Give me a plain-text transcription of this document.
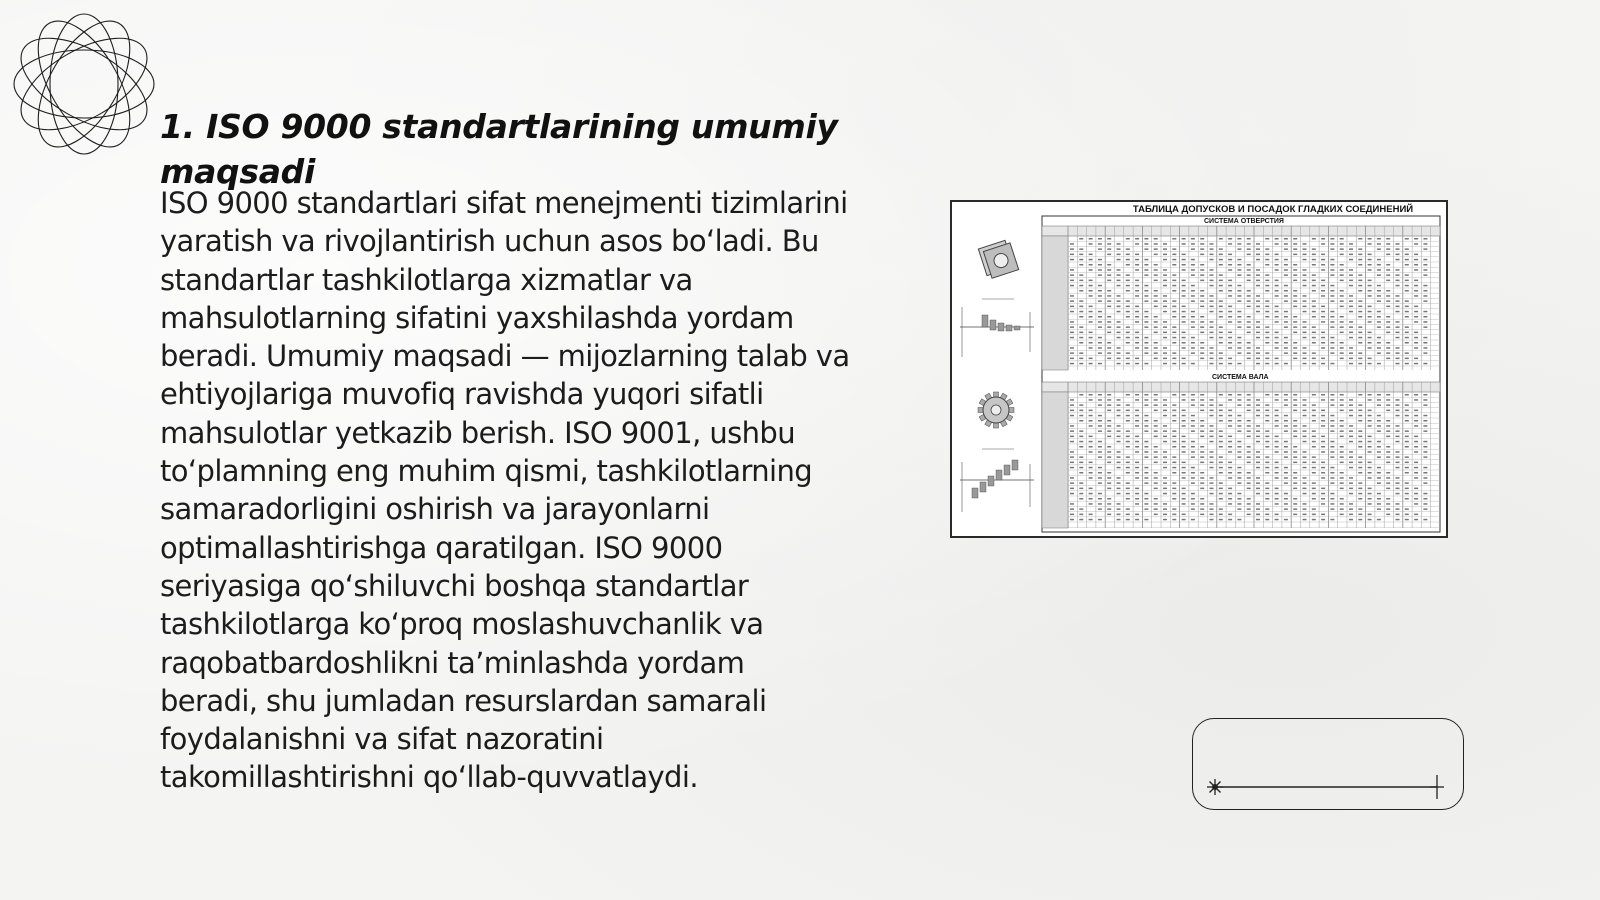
1. ISO 9000 standartlarining umumiy maqsadi

ISO 9000 standartlari sifat menejmenti tizimlarini yaratish va rivojlantirish uchun asos bo‘ladi. Bu standartlar tashkilotlarga xizmatlar va mahsulotlarning sifatini yaxshilashda yordam beradi. Umumiy maqsadi — mijozlarning talab va ehtiyojlariga muvofiq ravishda yuqori sifatli mahsulotlar yetkazib berish. ISO 9001, ushbu to‘plamning eng muhim qismi, tashkilotlarning samaradorligini oshirish va jarayonlarni optimallashtirishga qaratilgan. ISO 9000 seriyasiga qo‘shiluvchi boshqa standartlar tashkilotlarga ko‘proq moslashuvchanlik va raqobatbardoshlikni ta’minlashda yordam beradi, shu jumladan resurslardan samarali foydalanishni va sifat nazoratini takomillashtirishni qo‘llab-quvvatlaydi.

ТАБЛИЦА ДОПУСКОВ И ПОСАДОК ГЛАДКИХ СОЕДИНЕНИЙ
СИСТЕМА ОТВЕРСТИЯ
СИСТЕМА ВАЛА
